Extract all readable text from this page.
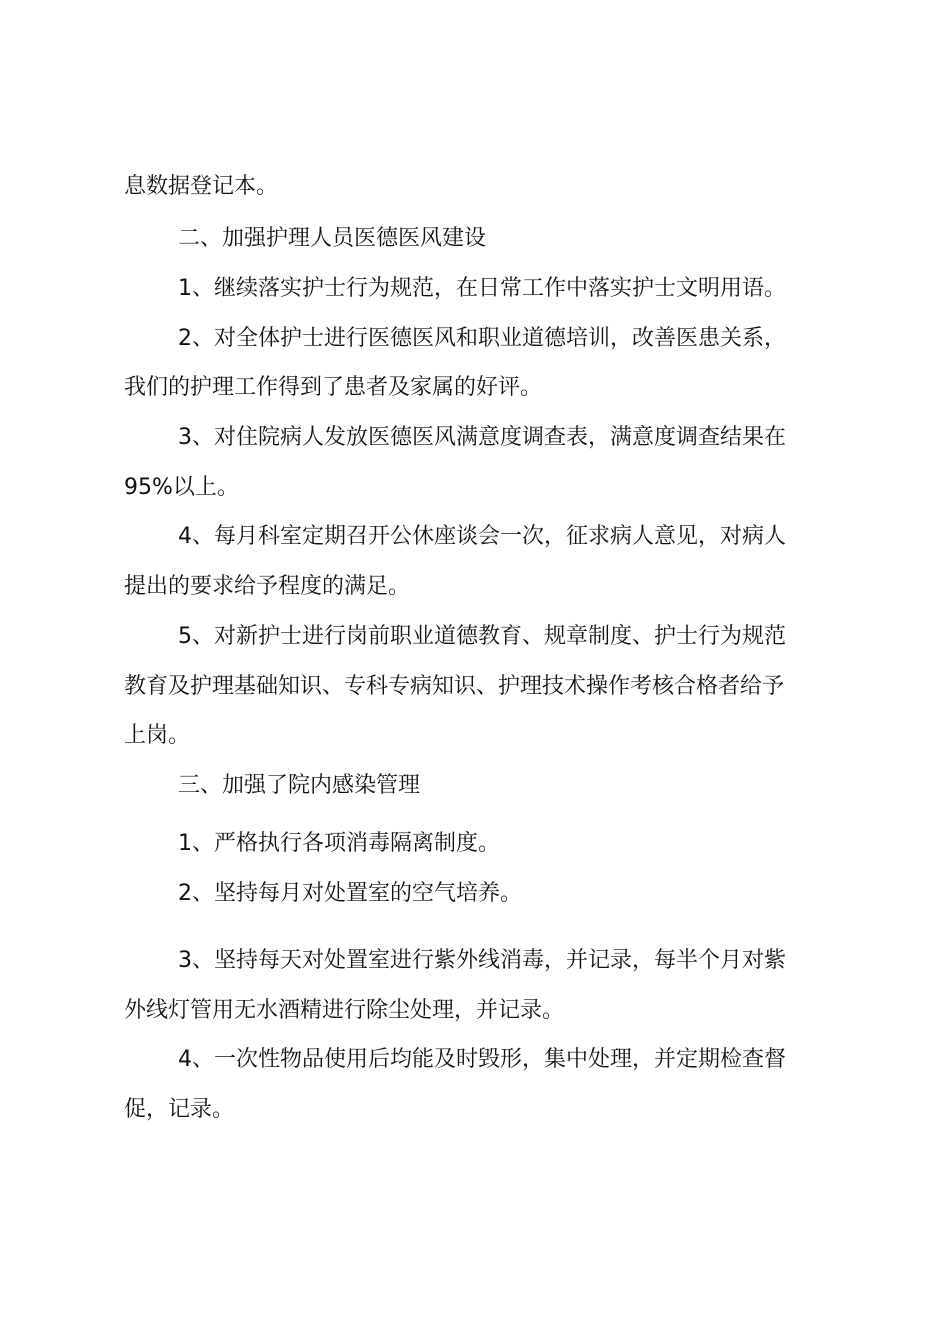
息数据登记本。

二、加强护理人员医德医风建设

1、继续落实护士行为规范，在日常工作中落实护士文明用语。

2、对全体护士进行医德医风和职业道德培训，改善医患关系，

我们的护理工作得到了患者及家属的好评。

3、对住院病人发放医德医风满意度调查表，满意度调查结果在

95%以上。

4、每月科室定期召开公休座谈会一次，征求病人意见，对病人

提出的要求给予程度的满足。

5、对新护士进行岗前职业道德教育、规章制度、护士行为规范

教育及护理基础知识、专科专病知识、护理技术操作考核合格者给予

上岗。

三、加强了院内感染管理

1、严格执行各项消毒隔离制度。

2、坚持每月对处置室的空气培养。

3、坚持每天对处置室进行紫外线消毒，并记录，每半个月对紫

外线灯管用无水酒精进行除尘处理，并记录。

4、一次性物品使用后均能及时毁形，集中处理，并定期检查督

促，记录。
